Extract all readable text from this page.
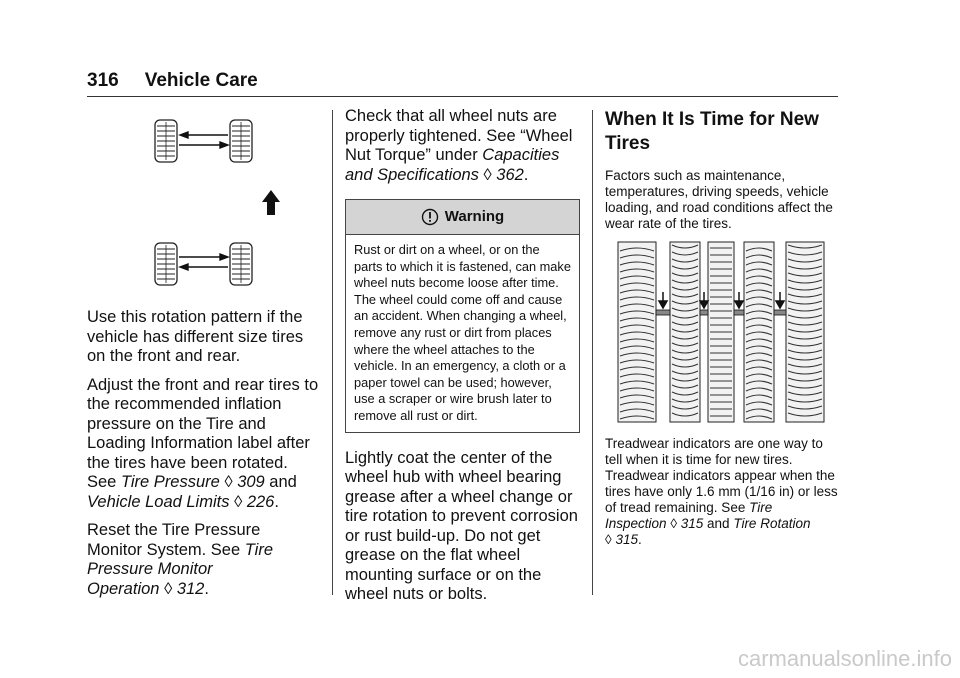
316 Vehicle Care

Use this rotation pattern if the vehicle has different size tires on the front and rear.

Adjust the front and rear tires to the recommended inflation pressure on the Tire and Loading Information label after the tires have been rotated. See Tire Pressure ◊ 309 and Vehicle Load Limits ◊ 226.

Reset the Tire Pressure Monitor System. See Tire Pressure Monitor Operation ◊ 312.

Check that all wheel nuts are properly tightened. See “Wheel Nut Torque” under Capacities and Specifications ◊ 362.

Warning
Rust or dirt on a wheel, or on the parts to which it is fastened, can make wheel nuts become loose after time. The wheel could come off and cause an accident. When changing a wheel, remove any rust or dirt from places where the wheel attaches to the vehicle. In an emergency, a cloth or a paper towel can be used; however, use a scraper or wire brush later to remove all rust or dirt.

Lightly coat the center of the wheel hub with wheel bearing grease after a wheel change or tire rotation to prevent corrosion or rust build-up. Do not get grease on the flat wheel mounting surface or on the wheel nuts or bolts.

When It Is Time for New Tires

Factors such as maintenance, temperatures, driving speeds, vehicle loading, and road conditions affect the wear rate of the tires.

Treadwear indicators are one way to tell when it is time for new tires. Treadwear indicators appear when the tires have only 1.6 mm (1/16 in) or less of tread remaining. See Tire Inspection ◊ 315 and Tire Rotation ◊ 315.

carmanualsonline.info
